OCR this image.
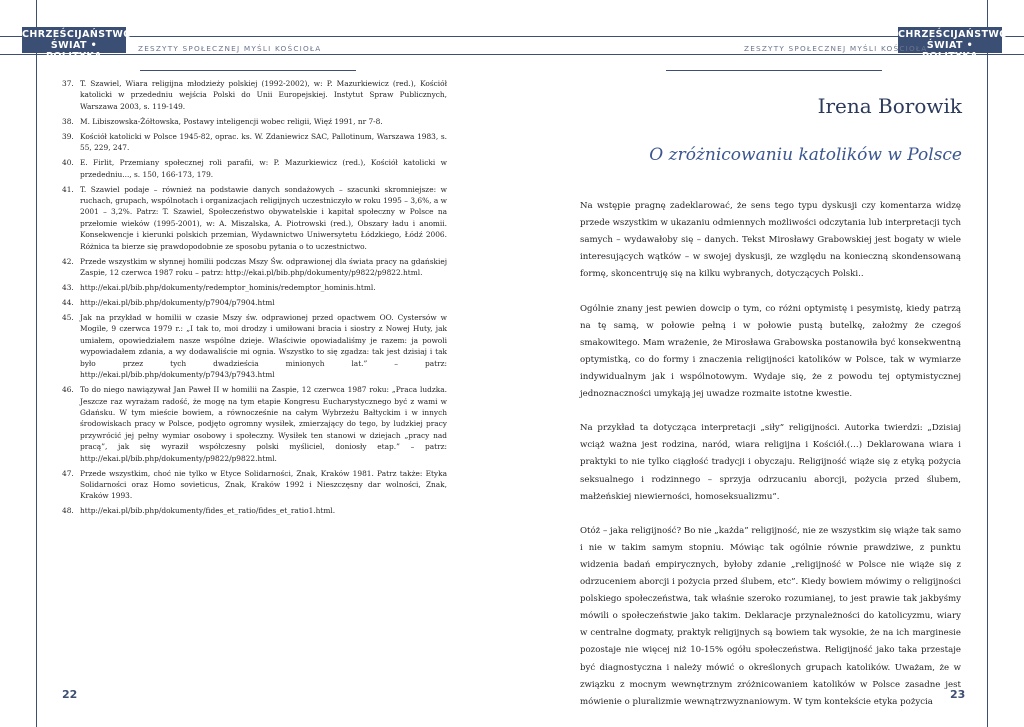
CHRZEŚCIJAŃSTWO
ŚWIAT • POLITYKA
ZESZYTY SPOŁECZNEJ MYŚLI KOŚCIOŁA
37. T. Szawiel, Wiara religijna młodzieży polskiej (1992-2002), w: P. Mazurkiewicz (red.), Kościół katolicki w przededniu wejścia Polski do Unii Europejskiej. Instytut Spraw Publicznych, Warszawa 2003, s. 119-149.
38. M. Libiszowska-Żółtowska, Postawy inteligencji wobec religii, Więź 1991, nr 7-8.
39. Kościół katolicki w Polsce 1945-82, oprac. ks. W. Zdaniewicz SAC, Pallotinum, Warszawa 1983, s. 55, 229, 247.
40. E. Firlit, Przemiany społecznej roli parafii, w: P. Mazurkiewicz (red.), Kościół katolicki w przededniu..., s. 150, 166-173, 179.
41. T. Szawiel podaje – również na podstawie danych sondażowych – szacunki skromniejsze: w ruchach, grupach, wspólnotach i organizacjach religijnych uczestniczyło w roku 1995 – 3,6%, a w 2001 – 3,2%. Patrz: T. Szawiel, Społeczeństwo obywatelskie i kapitał społeczny w Polsce na przełomie wieków (1995-2001), w: A. Miszalska, A. Piotrowski (red.), Obszary ładu i anomii. Konsekwencje i kierunki polskich przemian, Wydawnictwo Uniwersytetu Łódzkiego, Łódź 2006. Różnica ta bierze się prawdopodobnie ze sposobu pytania o to uczestnictwo.
42. Przede wszystkim w słynnej homilii podczas Mszy Św. odprawionej dla świata pracy na gdańskiej Zaspie, 12 czerwca 1987 roku – patrz: http://ekai.pl/bib.php/dokumenty/p9822/p9822.html.
43. http://ekai.pl/bib.php/dokumenty/redemptor_hominis/redemptor_hominis.html.
44. http://ekai.pl/bib.php/dokumenty/p7904/p7904.html
45. Jak na przykład w homilii w czasie Mszy św. odprawionej przed opactwem OO. Cystersów w Mogile, 9 czerwca 1979 r.: „I tak to, moi drodzy i umiłowani bracia i siostry z Nowej Huty, jak umiałem, opowiedziałem nasze wspólne dzieje. Właściwie opowiadaliśmy je razem: ja powoli wypowiadałem zdania, a wy dodawaliście mi ognia. Wszystko to się zgadza: tak jest dzisiaj i tak było przez tych dwadzieścia minionych lat.” – patrz: http://ekai.pl/bib.php/dokumenty/p7943/p7943.html
46. To do niego nawiązywał Jan Paweł II w homilii na Zaspie, 12 czerwca 1987 roku: „Praca ludzka. Jeszcze raz wyrażam radość, że mogę na tym etapie Kongresu Eucharystycznego być z wami w Gdańsku. W tym mieście bowiem, a równocześnie na całym Wybrzeżu Bałtyckim i w innych środowiskach pracy w Polsce, podjęto ogromny wysiłek, zmierzający do tego, by ludzkiej pracy przywrócić jej pełny wymiar osobowy i społeczny. Wysiłek ten stanowi w dziejach „pracy nad pracą”, jak się wyraził współczesny polski myśliciel, doniosły etap.” – patrz: http://ekai.pl/bib.php/dokumenty/p9822/p9822.html.
47. Przede wszystkim, choć nie tylko w Etyce Solidarności, Znak, Kraków 1981. Patrz także: Etyka Solidarności oraz Homo sovieticus, Znak, Kraków 1992 i Nieszczęsny dar wolności, Znak, Kraków 1993.
48. http://ekai.pl/bib.php/dokumenty/fides_et_ratio/fides_et_ratio1.html.
22
CHRZEŚCIJAŃSTWO
ŚWIAT • POLITYKA
ZESZYTY SPOŁECZNEJ MYŚLI KOŚCIOŁA
Irena Borowik
O zróżnicowaniu katolików w Polsce

Na wstępie pragnę zadeklarować, że sens tego typu dyskusji czy komentarza widzę przede wszystkim w ukazaniu odmiennych możliwości odczytania lub interpretacji tych samych – wydawałoby się – danych. Tekst Mirosławy Grabowskiej jest bogaty w wiele interesujących wątków – w swojej dyskusji, ze względu na konieczną skondensowaną formę, skoncentruję się na kilku wybranych, dotyczących Polski..

Ogólnie znany jest pewien dowcip o tym, co różni optymistę i pesymistę, kiedy patrzą na tę samą, w połowie pełną i w połowie pustą butelkę, założmy że czegoś smakowitego. Mam wrażenie, że Mirosława Grabowska postanowiła być konsekwentną optymistką, co do formy i znaczenia religijności katolików w Polsce, tak w wymiarze indywidualnym jak i wspólnotowym. Wydaje się, że z powodu tej optymistycznej jednoznaczności umykają jej uwadze rozmaite istotne kwestie.

Na przykład ta dotycząca interpretacji „siły” religijności. Autorka twierdzi: „Dzisiaj wciąż ważna jest rodzina, naród, wiara religijna i Kościół.(…) Deklarowana wiara i praktyki to nie tylko ciągłość tradycji i obyczaju. Religijność wiąże się z etyką pożycia seksualnego i rodzinnego – sprzyja odrzucaniu aborcji, pożycia przed ślubem, małżeńskiej niewierności, homoseksualizmu”.

Otóż – jaka religijność? Bo nie „każda” religijność, nie ze wszystkim się wiąże tak samo i nie w takim samym stopniu. Mówiąc tak ogólnie równie prawdziwe, z punktu widzenia badań empirycznych, byłoby zdanie „religijność w Polsce nie wiąże się z odrzuceniem aborcji i pożycia przed ślubem, etc”. Kiedy bowiem mówimy o religijności polskiego społeczeństwa, tak właśnie szeroko rozumianej, to jest prawie tak jakbyśmy mówili o społeczeństwie jako takim. Deklaracje przynależności do katolicyzmu, wiary w centralne dogmaty, praktyk religijnych są bowiem tak wysokie, że na ich marginesie pozostaje nie więcej niż 10-15% ogółu społeczeństwa. Religijność jako taka przestaje być diagnostyczna i należy mówić o określonych grupach katolików. Uważam, że w związku z mocnym wewnętrznym zróżnicowaniem katolików w Polsce zasadne jest mówienie o pluralizmie wewnątrzwyznaniowym. W tym kontekście etyka pożycia

23
